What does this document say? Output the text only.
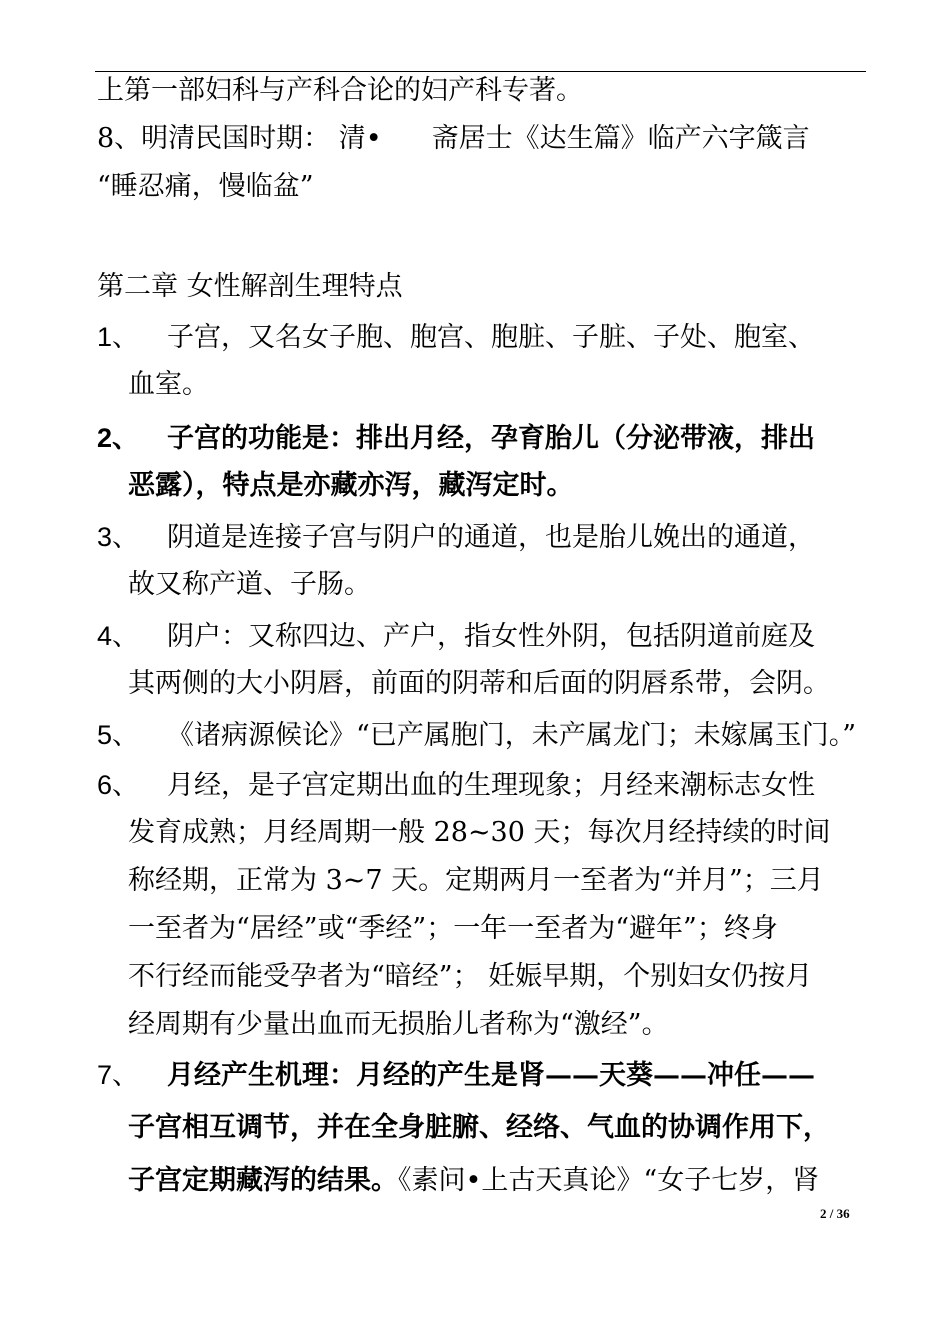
上第一部妇科与产科合论的妇产科专著。
8、明清民国时期： 清• 斋居士《达生篇》临产六字箴言
“睡忍痛，慢临盆”
第二章 女性解剖生理特点
1、 子宫，又名女子胞、胞宫、胞脏、子脏、子处、胞室、
血室。
2、 子宫的功能是：排出月经，孕育胎儿（分泌带液，排出
恶露），特点是亦藏亦泻，藏泻定时。
3、 阴道是连接子宫与阴户的通道，也是胎儿娩出的通道，
故又称产道、子肠。
4、 阴户：又称四边、产户，指女性外阴，包括阴道前庭及
其两侧的大小阴唇，前面的阴蒂和后面的阴唇系带，会阴。
5、 《诸病源候论》“已产属胞门，未产属龙门；未嫁属玉门。”
6、 月经，是子宫定期出血的生理现象；月经来潮标志女性
发育成熟；月经周期一般 28~30 天；每次月经持续的时间
称经期，正常为 3~7 天。定期两月一至者为“并月”；三月
一至者为“居经”或“季经”；一年一至者为“避年”；终身
不行经而能受孕者为“暗经”； 妊娠早期，个别妇女仍按月
经周期有少量出血而无损胎儿者称为“激经”。
7、 月经产生机理：月经的产生是肾——天葵——冲任——
子宫相互调节，并在全身脏腑、经络、气血的协调作用下，
子宫定期藏泻的结果。《素问•上古天真论》“女子七岁，肾
2 / 36
